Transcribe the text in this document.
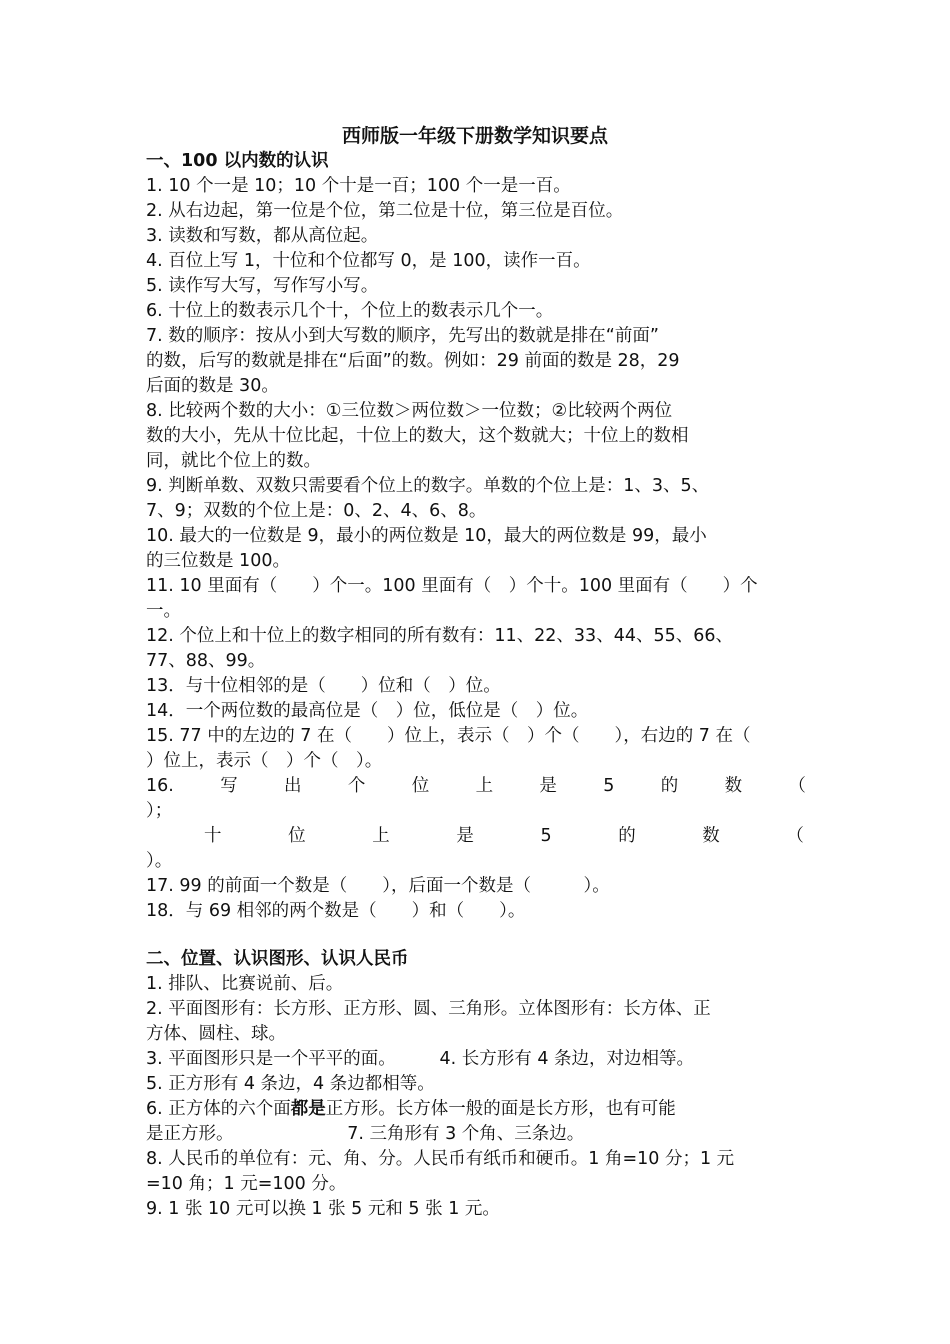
西师版一年级下册数学知识要点
一、100 以内数的认识
1. 10 个一是 10；10 个十是一百；100 个一是一百。
2. 从右边起，第一位是个位，第二位是十位，第三位是百位。
3. 读数和写数，都从高位起。
4. 百位上写 1，十位和个位都写 0，是 100，读作一百。
5. 读作写大写，写作写小写。
6. 十位上的数表示几个十，个位上的数表示几个一。
7. 数的顺序：按从小到大写数的顺序，先写出的数就是排在“前面”
的数，后写的数就是排在“后面”的数。例如：29 前面的数是 28，29
后面的数是 30。
8. 比较两个数的大小：①三位数＞两位数＞一位数；②比较两个两位
数的大小，先从十位比起，十位上的数大，这个数就大；十位上的数相
同，就比个位上的数。
9. 判断单数、双数只需要看个位上的数字。单数的个位上是：1、3、5、
7、9；双数的个位上是：0、2、4、6、8。
10. 最大的一位数是 9，最小的两位数是 10，最大的两位数是 99，最小
的三位数是 100。
11. 10 里面有（　　）个一。100 里面有（　）个十。100 里面有（　　）个
一。
12. 个位上和十位上的数字相同的所有数有：11、22、33、44、55、66、
77、88、99。
13．与十位相邻的是（　　）位和（　）位。
14．一个两位数的最高位是（　）位，低位是（　）位。
15. 77 中的左边的 7 在（　　）位上，表示（　）个（　　），右边的 7 在（
）位上，表示（　）个（　）。
16.	写	出	个	位	上	是	5	的	数	（
）；
十	位	上	是	5	的	数	（
）。
17. 99 的前面一个数是（　　），后面一个数是（　　　）。
18．与 69 相邻的两个数是（　　）和（　　）。
二、位置、认识图形、认识人民币
1. 排队、比赛说前、后。
2. 平面图形有：长方形、正方形、圆、三角形。立体图形有：长方体、正
方体、圆柱、球。
3. 平面图形只是一个平平的面。　　　4. 长方形有 4 条边，对边相等。
5. 正方形有 4 条边，4 条边都相等。
6. 正方体的六个面都是正方形。长方体一般的面是长方形，也有可能
是正方形。　　　　　　　7. 三角形有 3 个角、三条边。
8. 人民币的单位有：元、角、分。人民币有纸币和硬币。1 角=10 分；1 元
=10 角；1 元=100 分。
9. 1 张 10 元可以换 1 张 5 元和 5 张 1 元。
